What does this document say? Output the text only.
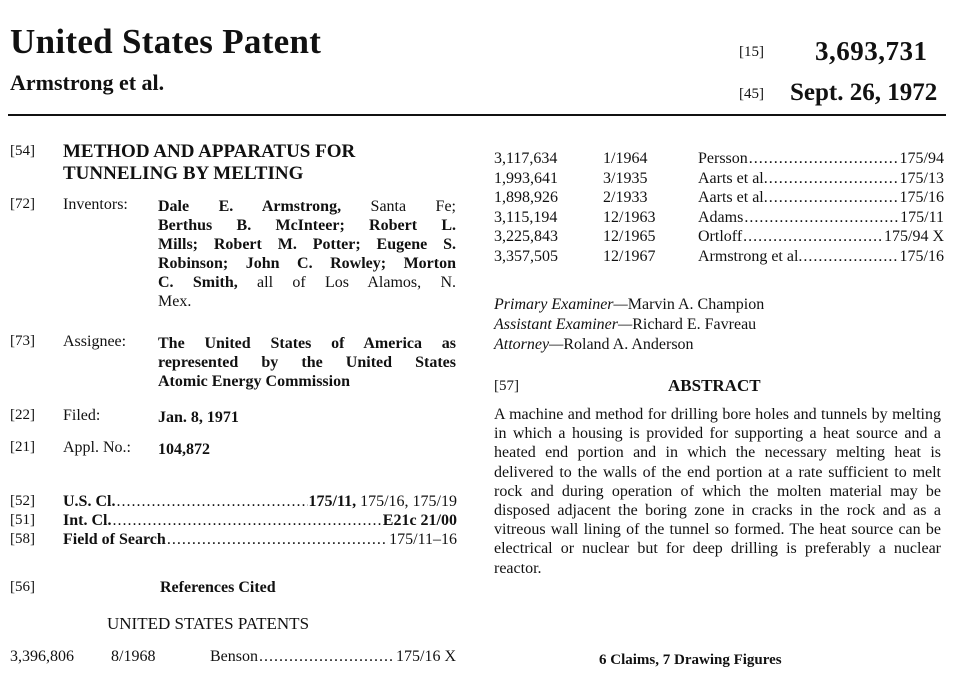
United States Patent
Armstrong et al.
[15] 3,693,731
[45] Sept. 26, 1972
[54] METHOD AND APPARATUS FOR
TUNNELING BY MELTING
[72] Inventors: Dale E. Armstrong, Santa Fe;
Berthus B. McInteer; Robert L.
Mills; Robert M. Potter; Eugene S.
Robinson; John C. Rowley; Morton
C. Smith, all of Los Alamos, N.
Mex.
[73] Assignee: The United States of America as
represented by the United States
Atomic Energy Commission
[22] Filed:	Jan. 8, 1971
[21] Appl. No.: 104,872
[52] U.S. Cl. .....	175/11, 175/16, 175/19
[51] Int. Cl. .....	E21c 21/00
[58] Field of Search .....	175/11–16
[56]	References Cited
UNITED STATES PATENTS
3,396,806 8/1968	Benson .....	175/16 X
3,117,634	1/1964	Persson .....	175/94
1,993,641	3/1935	Aarts et al. .....	175/13
1,898,926	2/1933	Aarts et al. .....	175/16
3,115,194	12/1963	Adams .....	175/11
3,225,843	12/1965	Ortloff .....	175/94 X
3,357,505	12/1967	Armstrong et al. .....	175/16
Primary Examiner—Marvin A. Champion
Assistant Examiner—Richard E. Favreau
Attorney—Roland A. Anderson
[57]	ABSTRACT
A machine and method for drilling bore holes and tunnels by melting in which a housing is provided for supporting a heat source and a heated end portion and in which the necessary melting heat is delivered to the walls of the end portion at a rate sufficient to melt rock and during operation of which the molten material may be disposed adjacent the boring zone in cracks in the rock and as a vitreous wall lining of the tunnel so formed. The heat source can be electrical or nuclear but for deep drilling is preferably a nuclear reactor.
6 Claims, 7 Drawing Figures
